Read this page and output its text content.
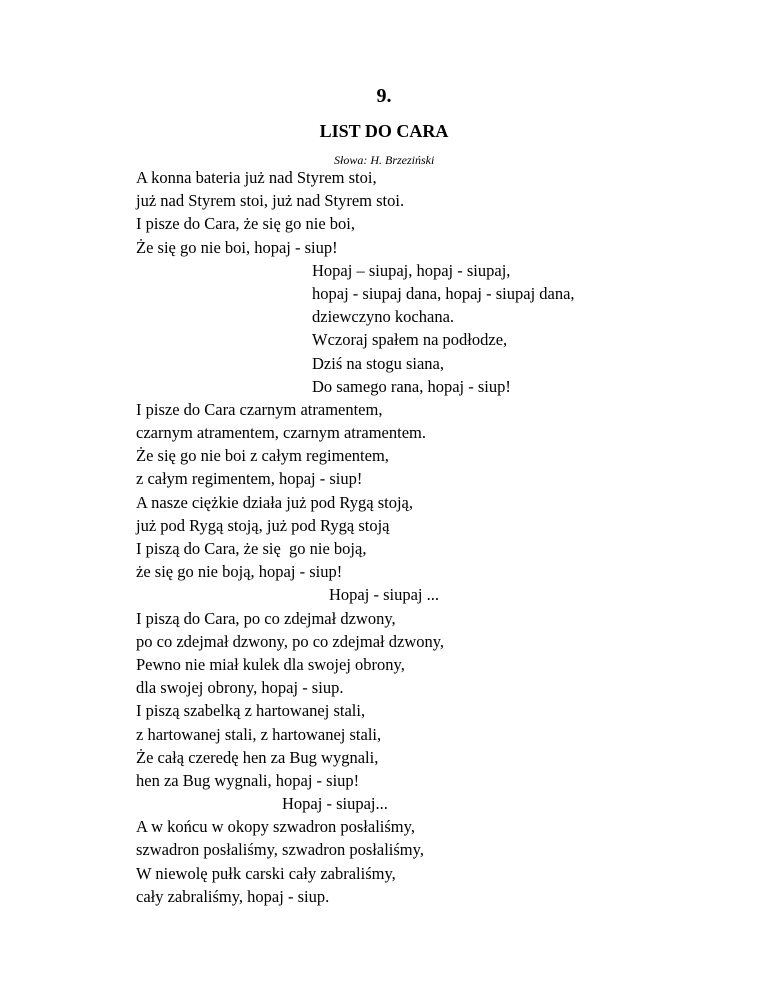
9.
LIST DO CARA
Słowa: H. Brzeziński
A konna bateria już nad Styrem stoi,
już nad Styrem stoi, już nad Styrem stoi.
I pisze do Cara, że się go nie boi,
Że się go nie boi, hopaj - siup!
Hopaj – siupaj, hopaj - siupaj,
hopaj - siupaj dana, hopaj - siupaj dana,
dziewczyno kochana.
Wczoraj spałem na podłodze,
Dziś na stogu siana,
Do samego rana, hopaj - siup!
I pisze do Cara czarnym atramentem,
czarnym atramentem, czarnym atramentem.
Że się go nie boi z całym regimentem,
z całym regimentem, hopaj - siup!
A nasze ciężkie działa już pod Rygą stoją,
już pod Rygą stoją, już pod Rygą stoją
I piszą do Cara, że się  go nie boją,
że się go nie boją, hopaj - siup!
Hopaj - siupaj ...
I piszą do Cara, po co zdejmał dzwony,
po co zdejmał dzwony, po co zdejmał dzwony,
Pewno nie miał kulek dla swojej obrony,
dla swojej obrony, hopaj - siup.
I piszą szabelką z hartowanej stali,
z hartowanej stali, z hartowanej stali,
Że całą czeredę hen za Bug wygnali,
hen za Bug wygnali, hopaj - siup!
Hopaj - siupaj...
A w końcu w okopy szwadron posłaliśmy,
szwadron posłaliśmy, szwadron posłaliśmy,
W niewolę pułk carski cały zabraliśmy,
cały zabraliśmy, hopaj - siup.
